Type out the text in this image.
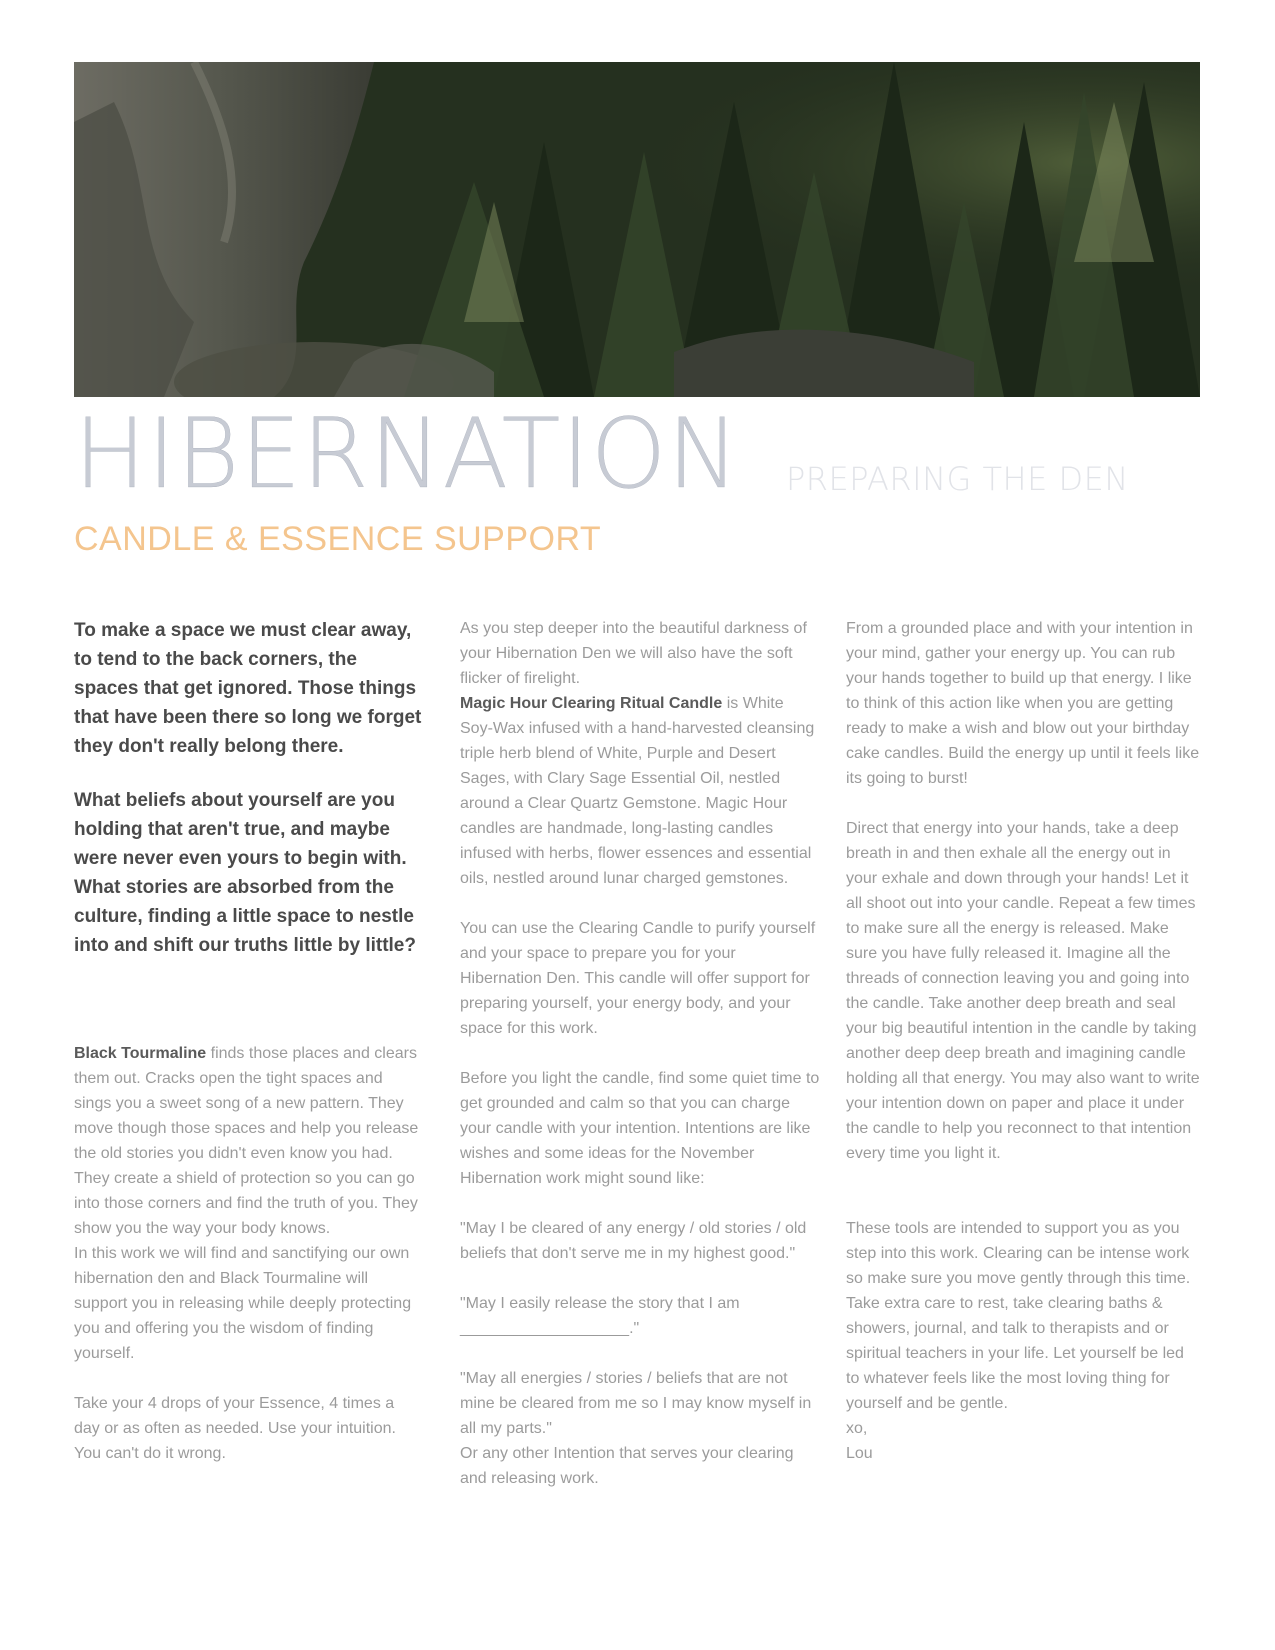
HIBERNATION PREPARING THE DEN
CANDLE & ESSENCE SUPPORT

To make a space we must clear away, to tend to the back corners, the spaces that get ignored. Those things that have been there so long we forget they don't really belong there.

What beliefs about yourself are you holding that aren't true, and maybe were never even yours to begin with. What stories are absorbed from the culture, finding a little space to nestle into and shift our truths little by little?

Black Tourmaline finds those places and clears them out. Cracks open the tight spaces and sings you a sweet song of a new pattern. They move though those spaces and help you release the old stories you didn't even know you had. They create a shield of protection so you can go into those corners and find the truth of you. They show you the way your body knows.
In this work we will find and sanctifying our own hibernation den and Black Tourmaline will support you in releasing while deeply protecting you and offering you the wisdom of finding yourself.

Take your 4 drops of your Essence, 4 times a day or as often as needed. Use your intuition. You can't do it wrong.

As you step deeper into the beautiful darkness of your Hibernation Den we will also have the soft flicker of firelight.
Magic Hour Clearing Ritual Candle is White Soy-Wax infused with a hand-harvested cleansing triple herb blend of White, Purple and Desert Sages, with Clary Sage Essential Oil, nestled around a Clear Quartz Gemstone. Magic Hour candles are handmade, long-lasting candles infused with herbs, flower essences and essential oils, nestled around lunar charged gemstones.

You can use the Clearing Candle to purify yourself and your space to prepare you for your Hibernation Den. This candle will offer support for preparing yourself, your energy body, and your space for this work.

Before you light the candle, find some quiet time to get grounded and calm so that you can charge your candle with your intention. Intentions are like wishes and some ideas for the November Hibernation work might sound like:

"May I be cleared of any energy / old stories / old beliefs that don't serve me in my highest good."

"May I easily release the story that I am ___________________."

"May all energies / stories / beliefs that are not mine be cleared from me so I may know myself in all my parts."
Or any other Intention that serves your clearing and releasing work.

From a grounded place and with your intention in your mind, gather your energy up. You can rub your hands together to build up that energy. I like to think of this action like when you are getting ready to make a wish and blow out your birthday cake candles. Build the energy up until it feels like its going to burst!

Direct that energy into your hands, take a deep breath in and then exhale all the energy out in your exhale and down through your hands! Let it all shoot out into your candle. Repeat a few times to make sure all the energy is released. Make sure you have fully released it. Imagine all the threads of connection leaving you and going into the candle. Take another deep breath and seal your big beautiful intention in the candle by taking another deep deep breath and imagining candle holding all that energy. You may also want to write your intention down on paper and place it under the candle to help you reconnect to that intention every time you light it.

These tools are intended to support you as you step into this work. Clearing can be intense work so make sure you move gently through this time. Take extra care to rest, take clearing baths & showers, journal, and talk to therapists and or spiritual teachers in your life. Let yourself be led to whatever feels like the most loving thing for yourself and be gentle.
xo,
Lou
